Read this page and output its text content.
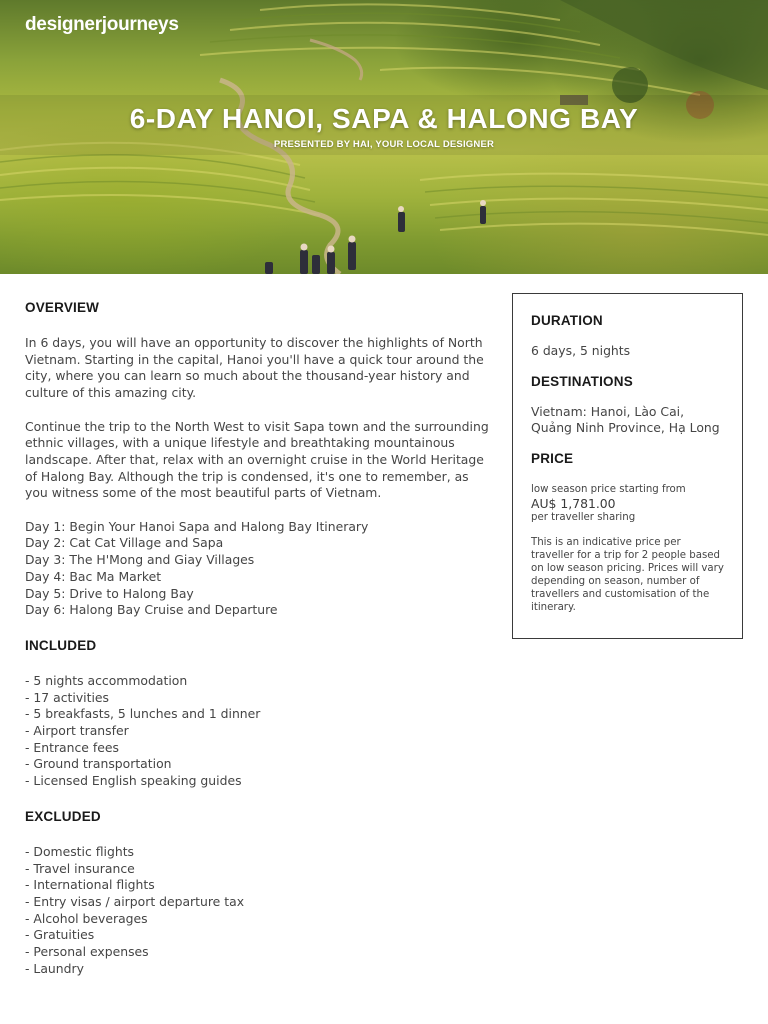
designerjourneys
6-DAY HANOI, SAPA & HALONG BAY
PRESENTED BY HAI, YOUR LOCAL DESIGNER
OVERVIEW

In 6 days, you will have an opportunity to discover the highlights of North Vietnam. Starting in the capital, Hanoi you'll have a quick tour around the city, where you can learn so much about the thousand-year history and culture of this amazing city.

Continue the trip to the North West to visit Sapa town and the surrounding ethnic villages, with a unique lifestyle and breathtaking mountainous landscape. After that, relax with an overnight cruise in the World Heritage of Halong Bay. Although the trip is condensed, it's one to remember, as you witness some of the most beautiful parts of Vietnam.

Day 1: Begin Your Hanoi Sapa and Halong Bay Itinerary
Day 2: Cat Cat Village and Sapa
Day 3: The H'Mong and Giay Villages
Day 4: Bac Ma Market
Day 5: Drive to Halong Bay
Day 6: Halong Bay Cruise and Departure
INCLUDED
- 5 nights accommodation
- 17 activities
- 5 breakfasts, 5 lunches and 1 dinner
- Airport transfer
- Entrance fees
- Ground transportation
- Licensed English speaking guides
EXCLUDED
- Domestic flights
- Travel insurance
- International flights
- Entry visas / airport departure tax
- Alcohol beverages
- Gratuities
- Personal expenses
- Laundry
DURATION
6 days, 5 nights
DESTINATIONS
Vietnam: Hanoi, Lào Cai, Quảng Ninh Province, Hạ Long
PRICE
low season price starting from
AU$ 1,781.00
per traveller sharing
This is an indicative price per traveller for a trip for 2 people based on low season pricing. Prices will vary depending on season, number of travellers and customisation of the itinerary.
